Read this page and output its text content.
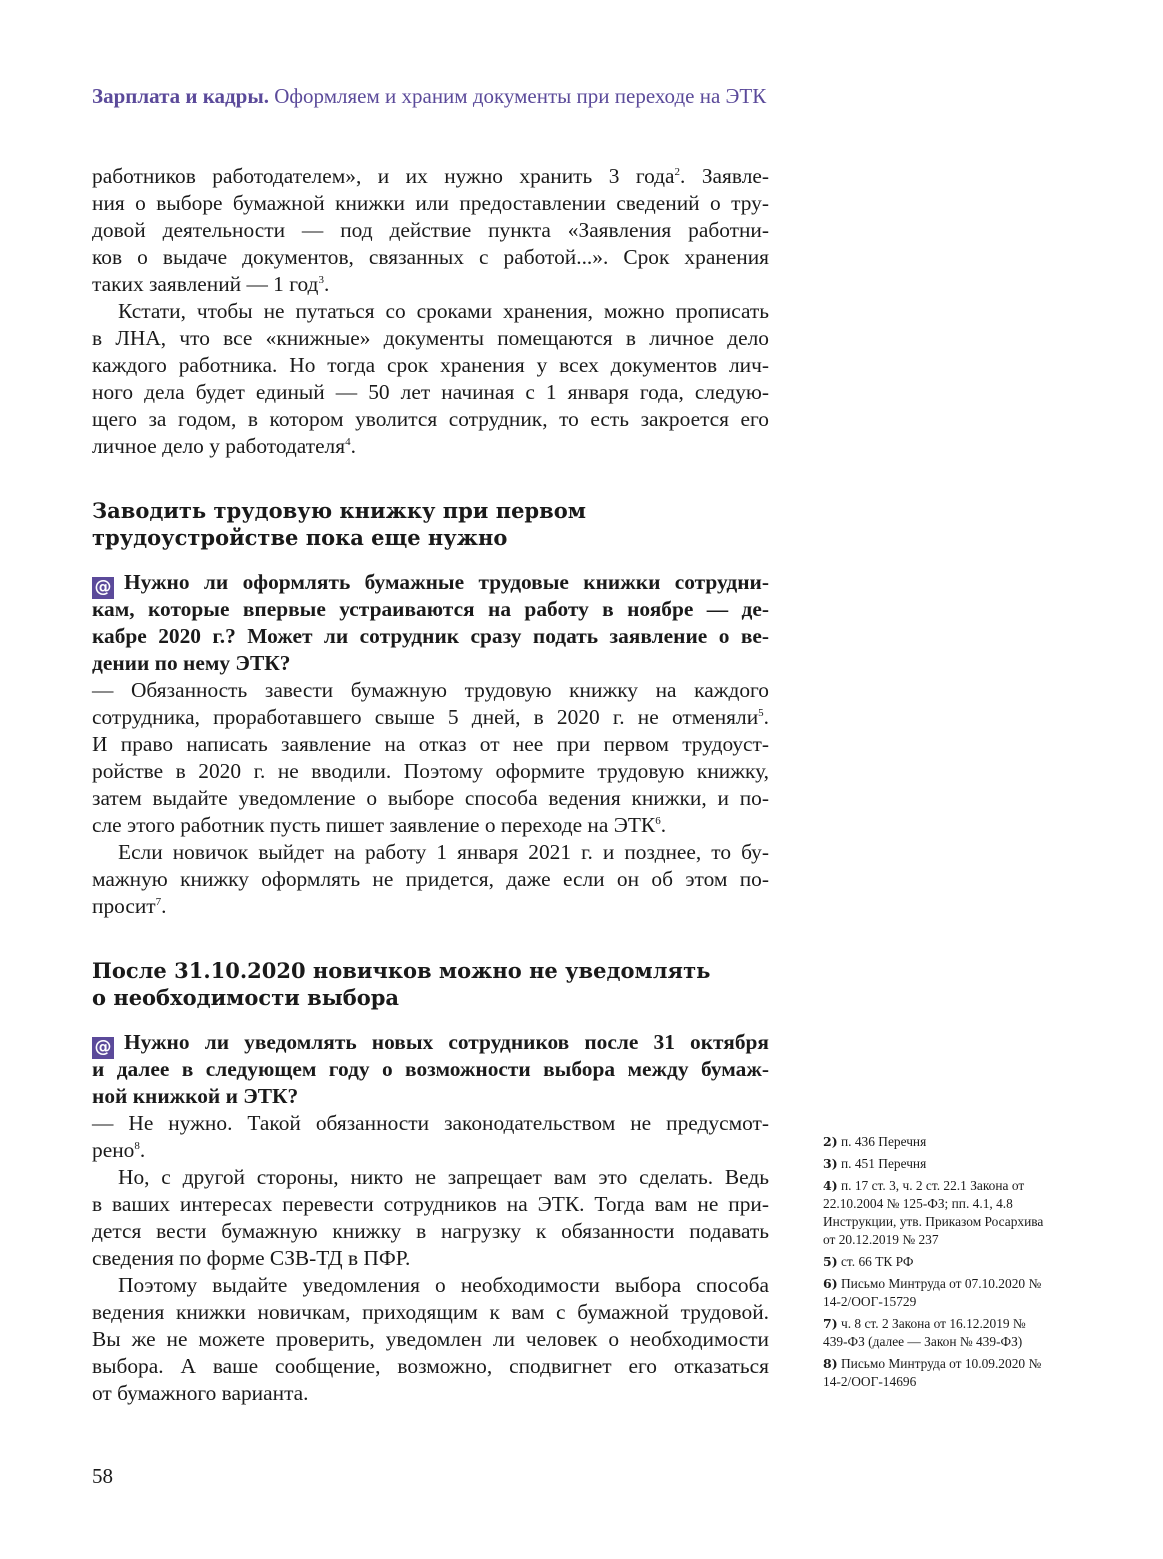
Зарплата и кадры. Оформляем и храним документы при переходе на ЭТК
работников работодателем», и их нужно хранить 3 года$^2$. Заявле-
ния о выборе бумажной книжки или предоставлении сведений о тру-
довой деятельности — под действие пункта «Заявления работни-
ков о выдаче документов, связанных с работой...». Срок хранения
таких заявлений — 1 год$^3$.
Кстати, чтобы не путаться со сроками хранения, можно прописать
в ЛНА, что все «книжные» документы помещаются в личное дело
каждого работника. Но тогда срок хранения у всех документов лич-
ного дела будет единый — 50 лет начиная с 1 января года, следую-
щего за годом, в котором уволится сотрудник, то есть закроется его
личное дело у работодателя$^4$.
Заводить трудовую книжку при первом
трудоустройстве пока еще нужно
@ Нужно ли оформлять бумажные трудовые книжки сотрудни-
кам, которые впервые устраиваются на работу в ноябре — де-
кабре 2020 г.? Может ли сотрудник сразу подать заявление о ве-
дении по нему ЭТК?
— Обязанность завести бумажную трудовую книжку на каждого
сотрудника, проработавшего свыше 5 дней, в 2020 г. не отменяли$^5$.
И право написать заявление на отказ от нее при первом трудоуст-
ройстве в 2020 г. не вводили. Поэтому оформите трудовую книжку,
затем выдайте уведомление о выборе способа ведения книжки, и по-
сле этого работник пусть пишет заявление о переходе на ЭТК$^6$.
Если новичок выйдет на работу 1 января 2021 г. и позднее, то бу-
мажную книжку оформлять не придется, даже если он об этом по-
просит$^7$.
После 31.10.2020 новичков можно не уведомлять
о необходимости выбора
@ Нужно ли уведомлять новых сотрудников после 31 октября
и далее в следующем году о возможности выбора между бумаж-
ной книжкой и ЭТК?
— Не нужно. Такой обязанности законодательством не предусмот-
рено$^8$.
Но, с другой стороны, никто не запрещает вам это сделать. Ведь
в ваших интересах перевести сотрудников на ЭТК. Тогда вам не при-
дется вести бумажную книжку в нагрузку к обязанности подавать
сведения по форме СЗВ-ТД в ПФР.
Поэтому выдайте уведомления о необходимости выбора способа
ведения книжки новичкам, приходящим к вам с бумажной трудовой.
Вы же не можете проверить, уведомлен ли человек о необходимости
выбора. А ваше сообщение, возможно, сподвигнет его отказаться
от бумажного варианта.
2) п. 436 Перечня
3) п. 451 Перечня
4) п. 17 ст. 3, ч. 2 ст. 22.1 Закона от 22.10.2004 № 125-ФЗ; пп. 4.1, 4.8 Инструкции, утв. Приказом Росархива от 20.12.2019 № 237
5) ст. 66 ТК РФ
6) Письмо Минтруда от 07.10.2020 № 14-2/ООГ-15729
7) ч. 8 ст. 2 Закона от 16.12.2019 № 439-ФЗ (далее — Закон № 439-ФЗ)
8) Письмо Минтруда от 10.09.2020 № 14-2/ООГ-14696
58
